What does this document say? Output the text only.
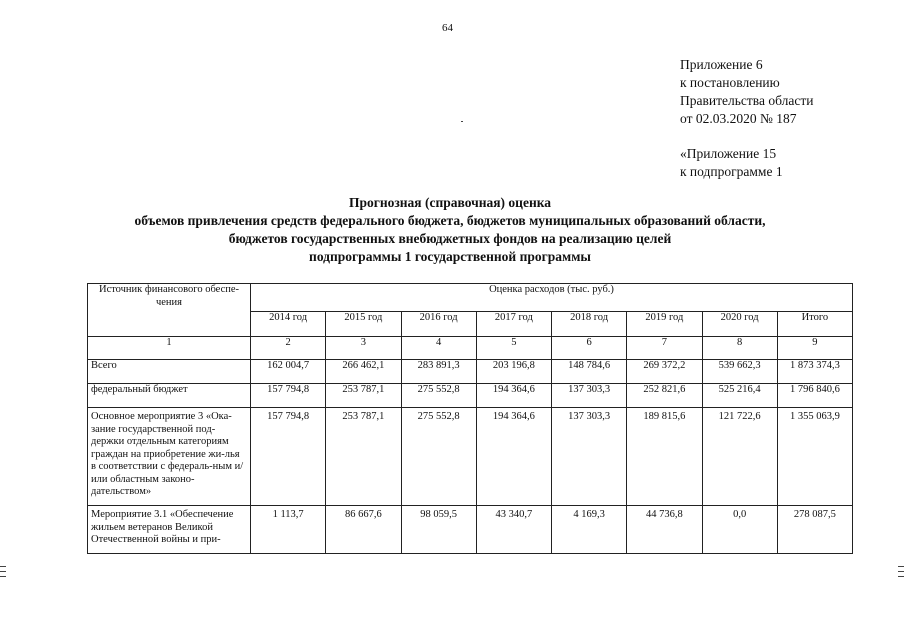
64
Приложение 6
к постановлению
Правительства области
от 02.03.2020 № 187
«Приложение 15
к подпрограмме 1
Прогнозная (справочная) оценка
объемов привлечения средств федерального бюджета, бюджетов муниципальных образований области,
бюджетов государственных внебюджетных фондов на реализацию целей
подпрограммы 1 государственной программы
Источник финансового обеспе-чения	Оценка расходов (тыс. руб.)							
	2014 год	2015 год	2016 год	2017 год	2018 год	2019 год	2020 год	Итого
1	2	3	4	5	6	7	8	9
Всего	162 004,7	266 462,1	283 891,3	203 196,8	148 784,6	269 372,2	539 662,3	1 873 374,3
федеральный бюджет	157 794,8	253 787,1	275 552,8	194 364,6	137 303,3	252 821,6	525 216,4	1 796 840,6
Основное мероприятие 3 «Ока-зание государственной под-держки отдельным категориям граждан на приобретение жи-лья в соответствии с федераль-ным и/или областным законо-дательством»	157 794,8	253 787,1	275 552,8	194 364,6	137 303,3	189 815,6	121 722,6	1 355 063,9
Мероприятие 3.1 «Обеспечение жильем ветеранов Великой Отечественной войны и при-	1 113,7	86 667,6	98 059,5	43 340,7	4 169,3	44 736,8	0,0	278 087,5
